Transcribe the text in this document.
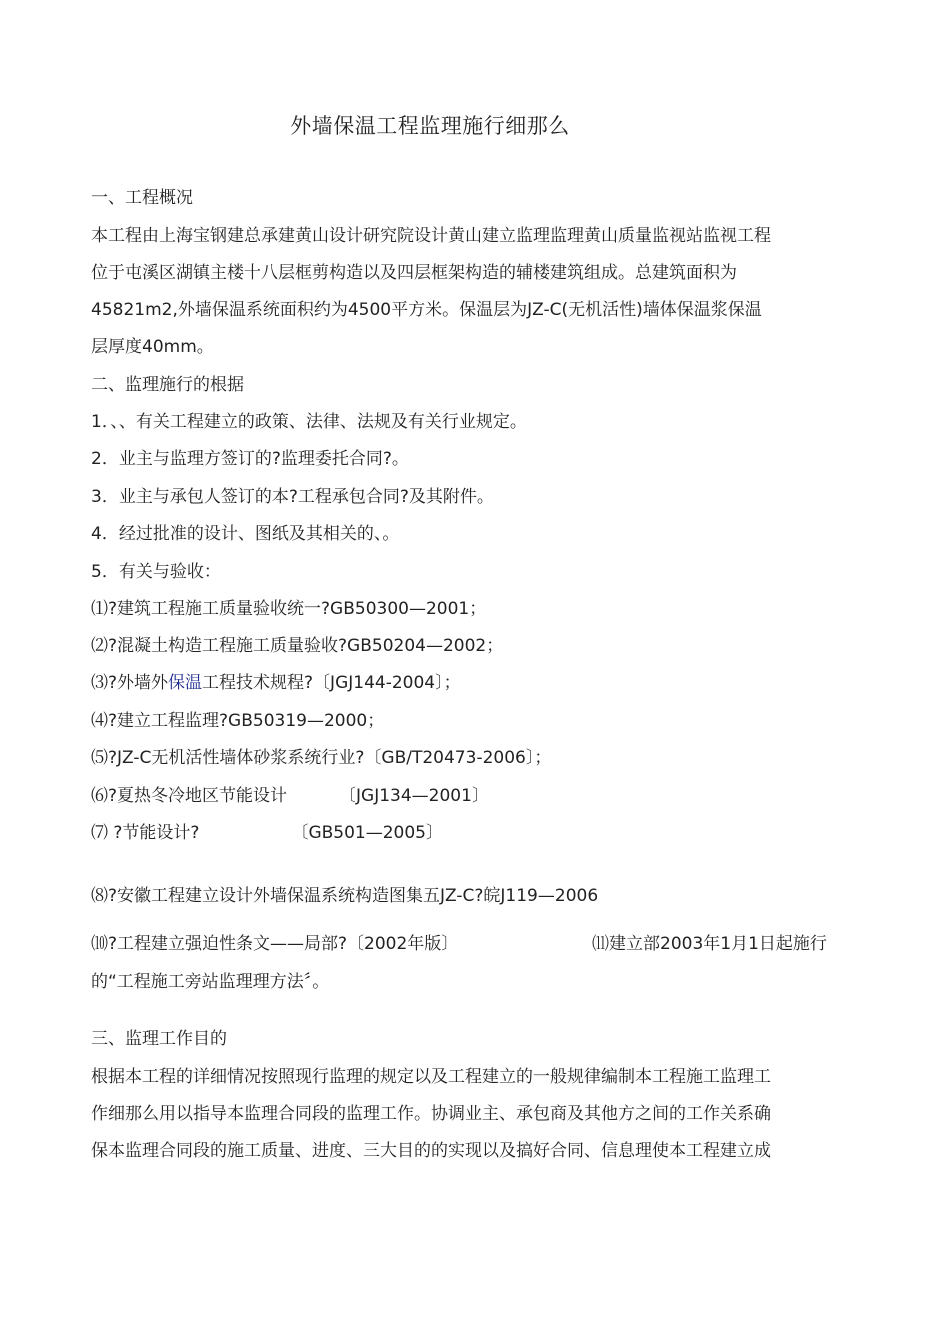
外墙保温工程监理施行细那么
一、工程概况
本工程由上海宝钢建总承建黄山设计研究院设计黄山建立监理监理黄山质量监视站监视工程
位于屯溪区湖镇主楼十八层框剪构造以及四层框架构造的辅楼建筑组成。总建筑面积为
45821m2,外墙保温系统面积约为4500平方米。保温层为JZ-C(无机活性)墙体保温浆保温
层厚度40mm。
二、监理施行的根据
1．、、有关工程建立的政策、法律、法规及有关行业规定。
2．业主与监理方签订的?监理委托合同?。
3．业主与承包人签订的本?工程承包合同?及其附件。
4．经过批准的设计、图纸及其相关的、。
5．有关与验收：
⑴?建筑工程施工质量验收统一?GB50300—2001；
⑵?混凝土构造工程施工质量验收?GB50204—2002；
⑶?外墙外保温工程技术规程?〔JGJ144-2004〕；
⑷?建立工程监理?GB50319—2000；
⑸?JZ-C无机活性墙体砂浆系统行业?〔GB/T20473-2006〕；
⑹?夏热冬冷地区节能设计	〔JGJ134—2001〕
⑺ ?节能设计?	〔GB501—2005〕
⑻?安徽工程建立设计外墙保温系统构造图集五JZ-C?皖J119—2006
⑽?工程建立强迫性条文——局部?〔2002年版〕	⑾建立部2003年1月1日起施行
的“工程施工旁站监理理方法〞。
三、监理工作目的
根据本工程的详细情况按照现行监理的规定以及工程建立的一般规律编制本工程施工监理工
作细那么用以指导本监理合同段的监理工作。协调业主、承包商及其他方之间的工作关系确
保本监理合同段的施工质量、进度、三大目的的实现以及搞好合同、信息理使本工程建立成
